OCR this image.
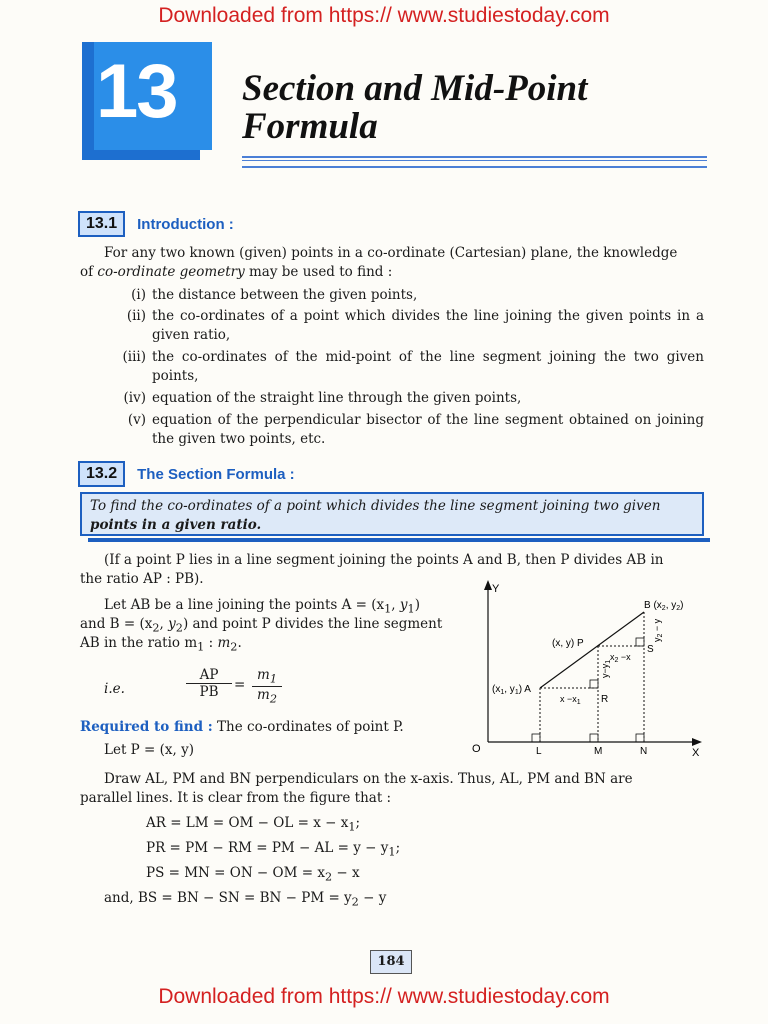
Downloaded from https:// www.studiestoday.com
13 Section and Mid-Point
Formula
13.1	Introduction :
For any two known (given) points in a co-ordinate (Cartesian) plane, the knowledge
of co-ordinate geometry may be used to find :
(i) the distance between the given points,
(ii) the co-ordinates of a point which divides the line joining the given points in a given ratio,
(iii) the co-ordinates of the mid-point of the line segment joining the two given points,
(iv) equation of the straight line through the given points,
(v) equation of the perpendicular bisector of the line segment obtained on joining the given two points, etc.
13.2	The Section Formula :
To find the co-ordinates of a point which divides the line segment joining two given points in a given ratio.
(If a point P lies in a line segment joining the points A and B, then P divides AB in
the ratio AP : PB).
Let AB be a line joining the points $A = (x_1$, $y_1$)
and $B = (x_2$, $y_2$) and point P divides the line segment
AB in the ratio $m_1$ : $m_2$.
i.e.	$\frac{AP}{PB} = \frac{m_1}{m_2}$
Required to find : The co-ordinates of point P.
Let P = (x, y)
Draw AL, PM and BN perpendiculars on the x-axis. Thus, AL, PM and BN are
parallel lines. It is clear from the figure that :
AR = LM = OM − OL = $x - x_1$;
PR = PM − RM = PM − AL = $y - y_1$;
PS = MN = ON − OM = $x_2 - x$
and, BS = BN − SN = BN − PM = $y_2 - y$
Y
X
O	L	M	N
R
S
B ($x_2$, $y_2$)
(x, y) P
($x_1$, $y_1$) A
$x -x_1$
$x_2 -x$
$y-y_1$
$y_2 - y$
184
Downloaded from https:// www.studiestoday.com
